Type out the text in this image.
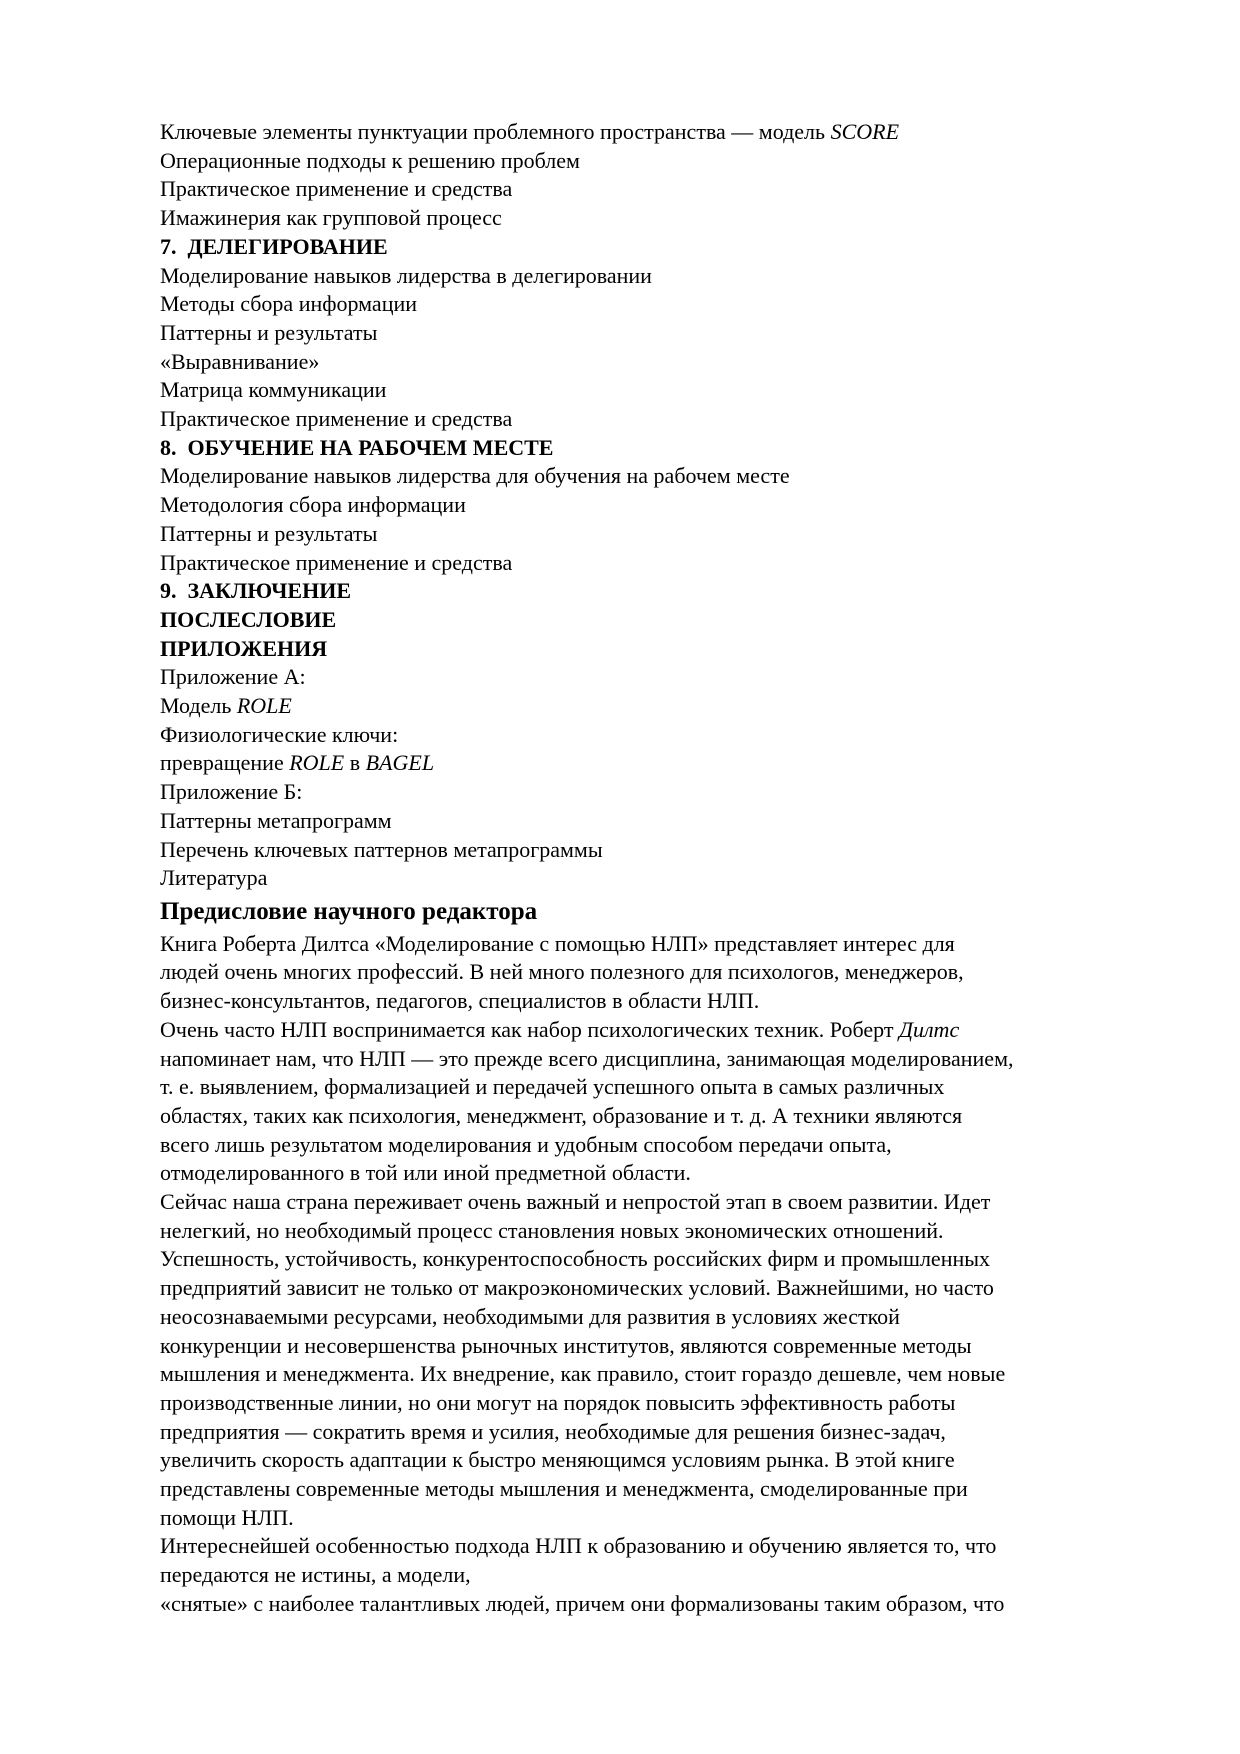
Ключевые элементы пунктуации проблемного пространства — модель SCORE
Операционные подходы к решению проблем
Практическое применение и средства
Имажинерия как групповой процесс
7.  ДЕЛЕГИРОВАНИЕ
Моделирование навыков лидерства в делегировании
Методы сбора информации
Паттерны и результаты
«Выравнивание»
Матрица коммуникации
Практическое применение и средства
8.  ОБУЧЕНИЕ НА РАБОЧЕМ МЕСТЕ
Моделирование навыков лидерства для обучения на рабочем месте
Методология сбора информации
Паттерны и результаты
Практическое применение и средства
9.  ЗАКЛЮЧЕНИЕ
ПОСЛЕСЛОВИЕ
ПРИЛОЖЕНИЯ
Приложение А:
Модель ROLE
Физиологические ключи:
превращение ROLE в BAGEL
Приложение Б:
Паттерны метапрограмм
Перечень ключевых паттернов метапрограммы
Литература
Предисловие научного редактора
Книга Роберта Дилтса «Моделирование с помощью НЛП» представляет интерес для
людей очень многих профессий. В ней много полезного для психологов, менеджеров,
бизнес-консультантов, педагогов, специалистов в области НЛП.
Очень часто НЛП воспринимается как набор психологических техник. Роберт Дилтс
напоминает нам, что НЛП — это прежде всего дисциплина, занимающая моделированием,
т. е. выявлением, формализацией и передачей успешного опыта в самых различных
областях, таких как психология, менеджмент, образование и т. д. А техники являются
всего лишь результатом моделирования и удобным способом передачи опыта,
отмоделированного в той или иной предметной области.
Сейчас наша страна переживает очень важный и непростой этап в своем развитии. Идет
нелегкий, но необходимый процесс становления новых экономических отношений.
Успешность, устойчивость, конкурентоспособность российских фирм и промышленных
предприятий зависит не только от макроэкономических условий. Важнейшими, но часто
неосознаваемыми ресурсами, необходимыми для развития в условиях жесткой
конкуренции и несовершенства рыночных институтов, являются современные методы
мышления и менеджмента. Их внедрение, как правило, стоит гораздо дешевле, чем новые
производственные линии, но они могут на порядок повысить эффективность работы
предприятия — сократить время и усилия, необходимые для решения бизнес-задач,
увеличить скорость адаптации к быстро меняющимся условиям рынка. В этой книге
представлены современные методы мышления и менеджмента, смоделированные при
помощи НЛП.
Интереснейшей особенностью подхода НЛП к образованию и обучению является то, что
передаются не истины, а модели,
«снятые» с наиболее талантливых людей, причем они формализованы таким образом, что
